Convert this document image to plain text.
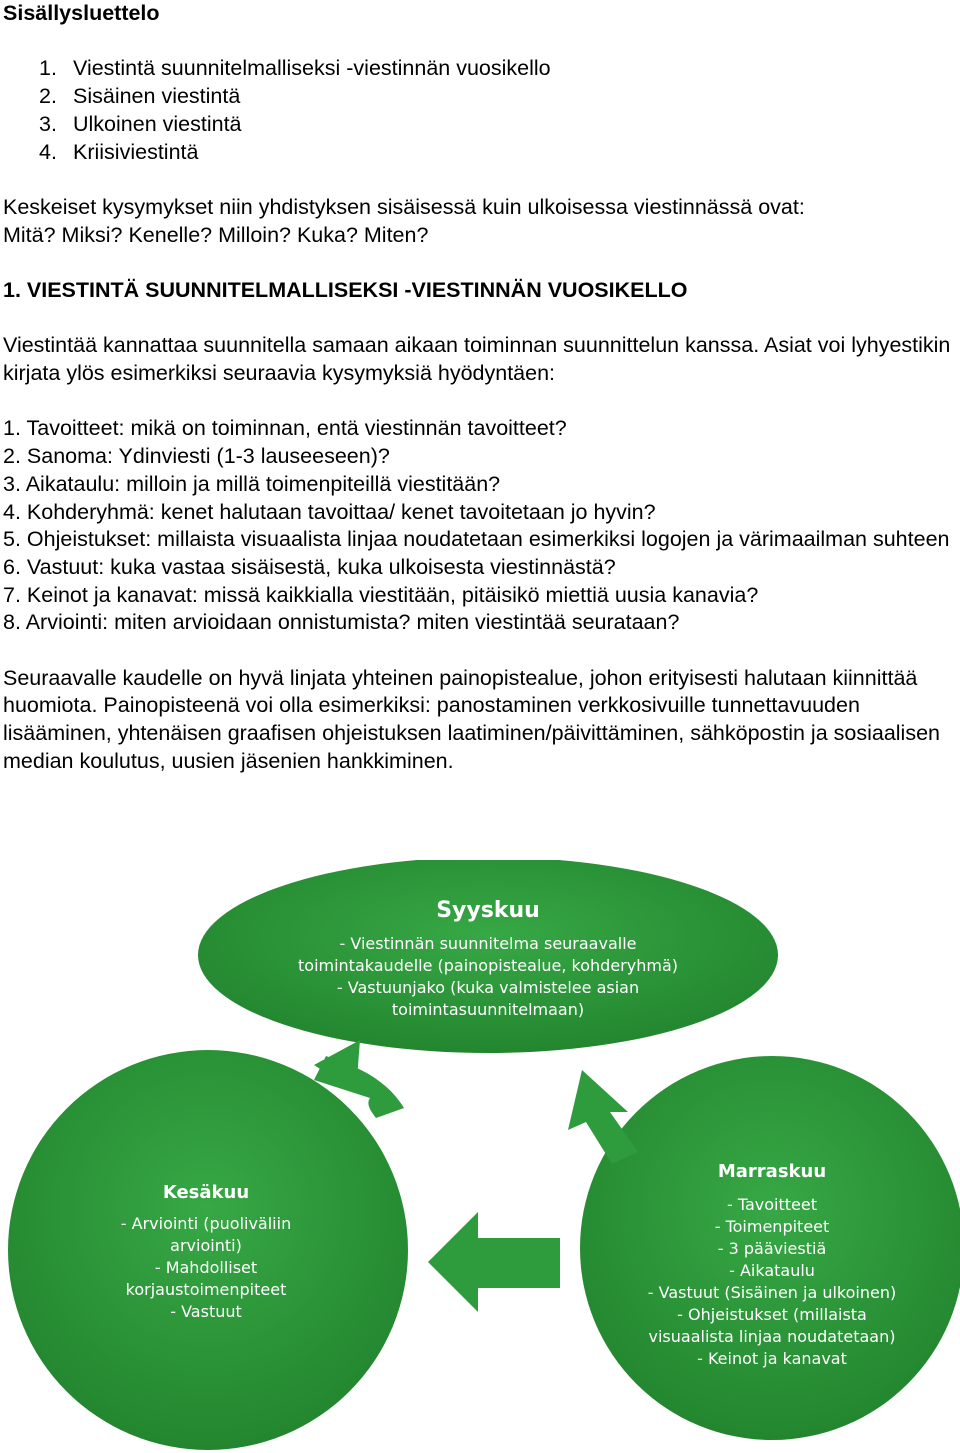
Sisällysluettelo

1. Viestintä suunnitelmalliseksi -viestinnän vuosikello
2. Sisäinen viestintä
3. Ulkoinen viestintä
4. Kriisiviestintä

Keskeiset kysymykset niin yhdistyksen sisäisessä kuin ulkoisessa viestinnässä ovat:

Mitä? Miksi? Kenelle? Milloin? Kuka? Miten?

1. VIESTINTÄ SUUNNITELMALLISEKSI -VIESTINNÄN VUOSIKELLO

Viestintää kannattaa suunnitella samaan aikaan toiminnan suunnittelun kanssa. Asiat voi lyhyestikin kirjata ylös esimerkiksi seuraavia kysymyksiä hyödyntäen:

1. Tavoitteet: mikä on toiminnan, entä viestinnän tavoitteet?

2. Sanoma: Ydinviesti (1-3 lauseeseen)?

3. Aikataulu: milloin ja millä toimenpiteillä viestitään?

4. Kohderyhmä: kenet halutaan tavoittaa/ kenet tavoitetaan jo hyvin?

5. Ohjeistukset: millaista visuaalista linjaa noudatetaan esimerkiksi logojen ja värimaailman suhteen

6. Vastuut: kuka vastaa sisäisestä, kuka ulkoisesta viestinnästä?

7. Keinot ja kanavat: missä kaikkialla viestitään, pitäisikö miettiä uusia kanavia?

8. Arviointi: miten arvioidaan onnistumista? miten viestintää seurataan?

Seuraavalle kaudelle on hyvä linjata yhteinen painopistealue, johon erityisesti halutaan kiinnittää huomiota. Painopisteenä voi olla esimerkiksi: panostaminen verkkosivuille tunnettavuuden lisääminen, yhtenäisen graafisen ohjeistuksen laatiminen/päivittäminen, sähköpostin ja sosiaalisen median koulutus, uusien jäsenien hankkiminen.

Syyskuu
- Viestinnän suunnitelma seuraavalle
toimintakaudelle (painopistealue, kohderyhmä)
- Vastuunjako (kuka valmistelee asian
toimintasuunnitelmaan)
Kesäkuu
- Arviointi (puoliväliin
arviointi)
- Mahdolliset
korjaustoimenpiteet
- Vastuut
Marraskuu
- Tavoitteet
- Toimenpiteet
- 3 pääviestiä
- Aikataulu
- Vastuut (Sisäinen ja ulkoinen)
- Ohjeistukset (millaista
visuaalista linjaa noudatetaan)
- Keinot ja kanavat
